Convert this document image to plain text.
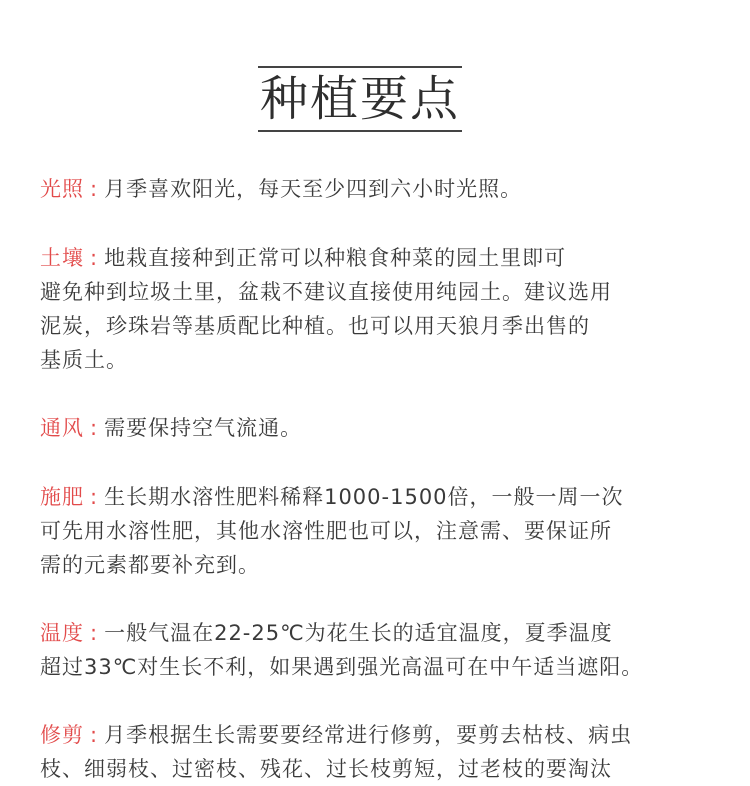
种植要点
光照 : 月季喜欢阳光，每天至少四到六小时光照。
土壤 : 地栽直接种到正常可以种粮食种菜的园土里即可
避免种到垃圾土里，盆栽不建议直接使用纯园土。建议选用
泥炭，珍珠岩等基质配比种植。也可以用天狼月季出售的
基质土。
通风 : 需要保持空气流通。
施肥 : 生长期水溶性肥料稀释1000-1500倍，一般一周一次
可先用水溶性肥，其他水溶性肥也可以，注意需、要保证所
需的元素都要补充到。
温度 : 一般气温在22-25℃为花生长的适宜温度，夏季温度
超过33℃对生长不利，如果遇到强光高温可在中午适当遮阳。
修剪 : 月季根据生长需要要经常进行修剪，要剪去枯枝、病虫
枝、细弱枝、过密枝、残花、过长枝剪短，过老枝的要淘汰
